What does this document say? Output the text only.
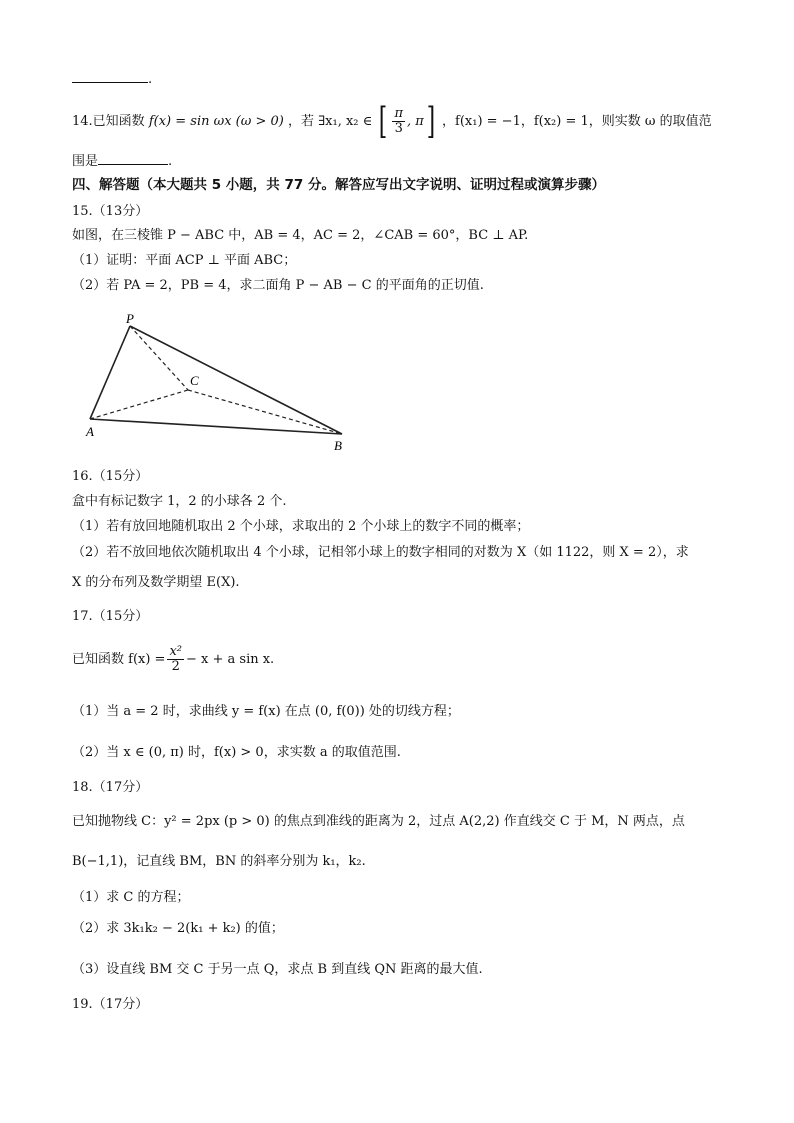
.
14.已知函数 f(x) = sin ωx (ω > 0) ，若 ∃x₁, x₂ ∈ [ $\frac{\pi}{3}$ , π] ，f(x₁) = −1，f(x₂) = 1，则实数 ω 的取值范
围是	.
四、解答题（本大题共 5 小题，共 77 分。解答应写出文字说明、证明过程或演算步骤）
15.（13分）
如图，在三棱锥 P − ABC 中，AB = 4，AC = 2，∠CAB = 60°，BC ⊥ AP.
（1）证明：平面 ACP ⊥ 平面 ABC；
（2）若 PA = 2，PB = 4，求二面角 P − AB − C 的平面角的正切值.
P
C
A
B
16.（15分）
盒中有标记数字 1，2 的小球各 2 个.
（1）若有放回地随机取出 2 个小球，求取出的 2 个小球上的数字不同的概率；
（2）若不放回地依次随机取出 4 个小球，记相邻小球上的数字相同的对数为 X（如 1122，则 X = 2），求
X 的分布列及数学期望 E(X).
17.（15分）
已知函数 $f(x) = \frac{\text{x²}}{2} - x + a$ sin x.
（1）当 a = 2 时，求曲线 y = f(x) 在点 (0, f(0)) 处的切线方程；
（2）当 x ∈ (0, π) 时，f(x) > 0，求实数 a 的取值范围.
18.（17分）
已知抛物线 C：y² = 2px (p > 0) 的焦点到准线的距离为 2，过点 A(2,2) 作直线交 C 于 M，N 两点，点
B(−1,1)，记直线 BM，BN 的斜率分别为 k₁，k₂.
（1）求 C 的方程；
（2）求 3k₁k₂ − 2(k₁ + k₂) 的值；
（3）设直线 BM 交 C 于另一点 Q，求点 B 到直线 QN 距离的最大值.
19.（17分）
